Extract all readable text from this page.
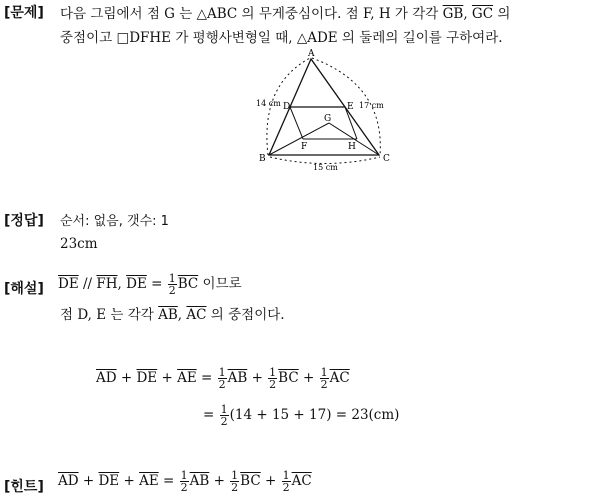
[문제] 다음 그림에서 점 G 는 △ABC 의 무게중심이다. 점 F, H 가 각각 $\overline{GB}$, $\overline{GC}$ 의
중점이고 □DFHE 가 평행사변형일 때, △ADE 의 둘레의 길이를 구하여라.
A
B	C
D	E
F
G
H
14 cm	17 cm
15 cm
[정답] 순서: 없음, 갯수: 1
23cm
[해설] $\overline{DE} // \overline{FH}$, $\overline{DE} = \frac{1}{2} \overline{BC}$ 이므로
점 D, E 는 각각 $\overline{AB}$, $\overline{AC}$ 의 중점이다.
$\overline{AD} + \overline{DE} + \overline{AE} = \frac{1}{2} \overline{AB} + \frac{1}{2} \overline{BC} + \frac{1}{2} \overline{AC}$
= $\frac{1}{2} (14 + 15 + 17) = 23(cm)$
[힌트] $\overline{AD} + \overline{DE} + \overline{AE} = \frac{1}{2} \overline{AB} + \frac{1}{2} \overline{BC} + \frac{1}{2} \overline{AC}$
